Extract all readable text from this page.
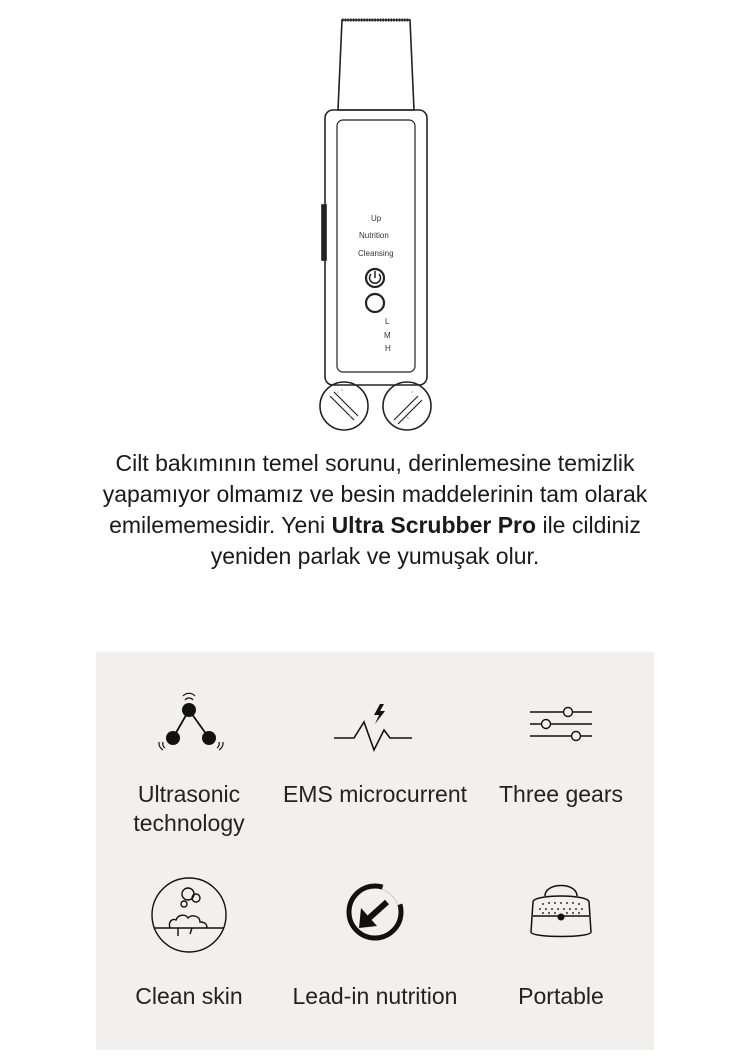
Up
Nutrition
Cleansing
L
M
H
Cilt bakımının temel sorunu, derinlemesine temizlik yapamıyor olmamız ve besin maddelerinin tam olarak emilememesidir. Yeni Ultra Scrubber Pro ile cildiniz yeniden parlak ve yumuşak olur.
Ultrasonic technology
EMS microcurrent	Three gears
Clean skin	Lead-in nutrition	Portable
